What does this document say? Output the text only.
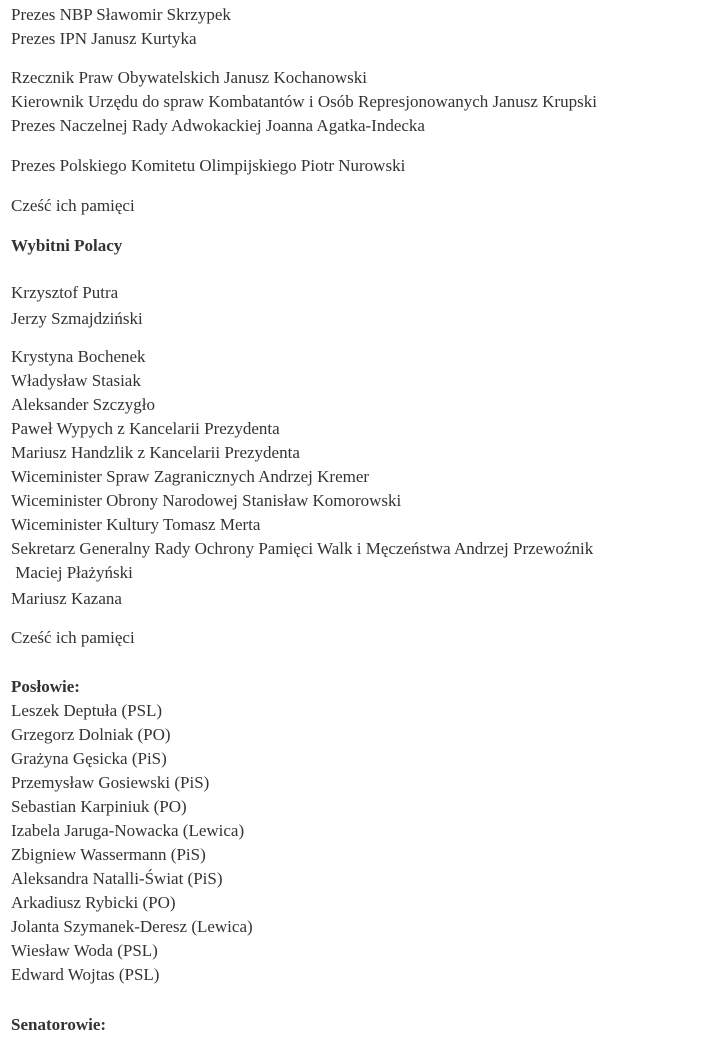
Prezes NBP Sławomir Skrzypek
Prezes IPN Janusz Kurtyka
Rzecznik Praw Obywatelskich Janusz Kochanowski
Kierownik Urzędu do spraw Kombatantów i Osób Represjonowanych Janusz Krupski
Prezes Naczelnej Rady Adwokackiej Joanna Agatka-Indecka
Prezes Polskiego Komitetu Olimpijskiego Piotr Nurowski
Cześć ich pamięci
Wybitni Polacy
Krzysztof Putra
Jerzy Szmajdziński
Krystyna Bochenek
Władysław Stasiak
Aleksander Szczygło
Paweł Wypych z Kancelarii Prezydenta
Mariusz Handzlik z Kancelarii Prezydenta
Wiceminister Spraw Zagranicznych Andrzej Kremer
Wiceminister Obrony Narodowej Stanisław Komorowski
Wiceminister Kultury Tomasz Merta
Sekretarz Generalny Rady Ochrony Pamięci Walk i Męczeństwa Andrzej Przewoźnik
Maciej Płażyński
Mariusz Kazana
Cześć ich pamięci
Posłowie:
Leszek Deptuła (PSL)
Grzegorz Dolniak (PO)
Grażyna Gęsicka (PiS)
Przemysław Gosiewski (PiS)
Sebastian Karpiniuk (PO)
Izabela Jaruga-Nowacka (Lewica)
Zbigniew Wassermann (PiS)
Aleksandra Natalli-Świat (PiS)
Arkadiusz Rybicki (PO)
Jolanta Szymanek-Deresz (Lewica)
Wiesław Woda (PSL)
Edward Wojtas (PSL)
Senatorowie:
